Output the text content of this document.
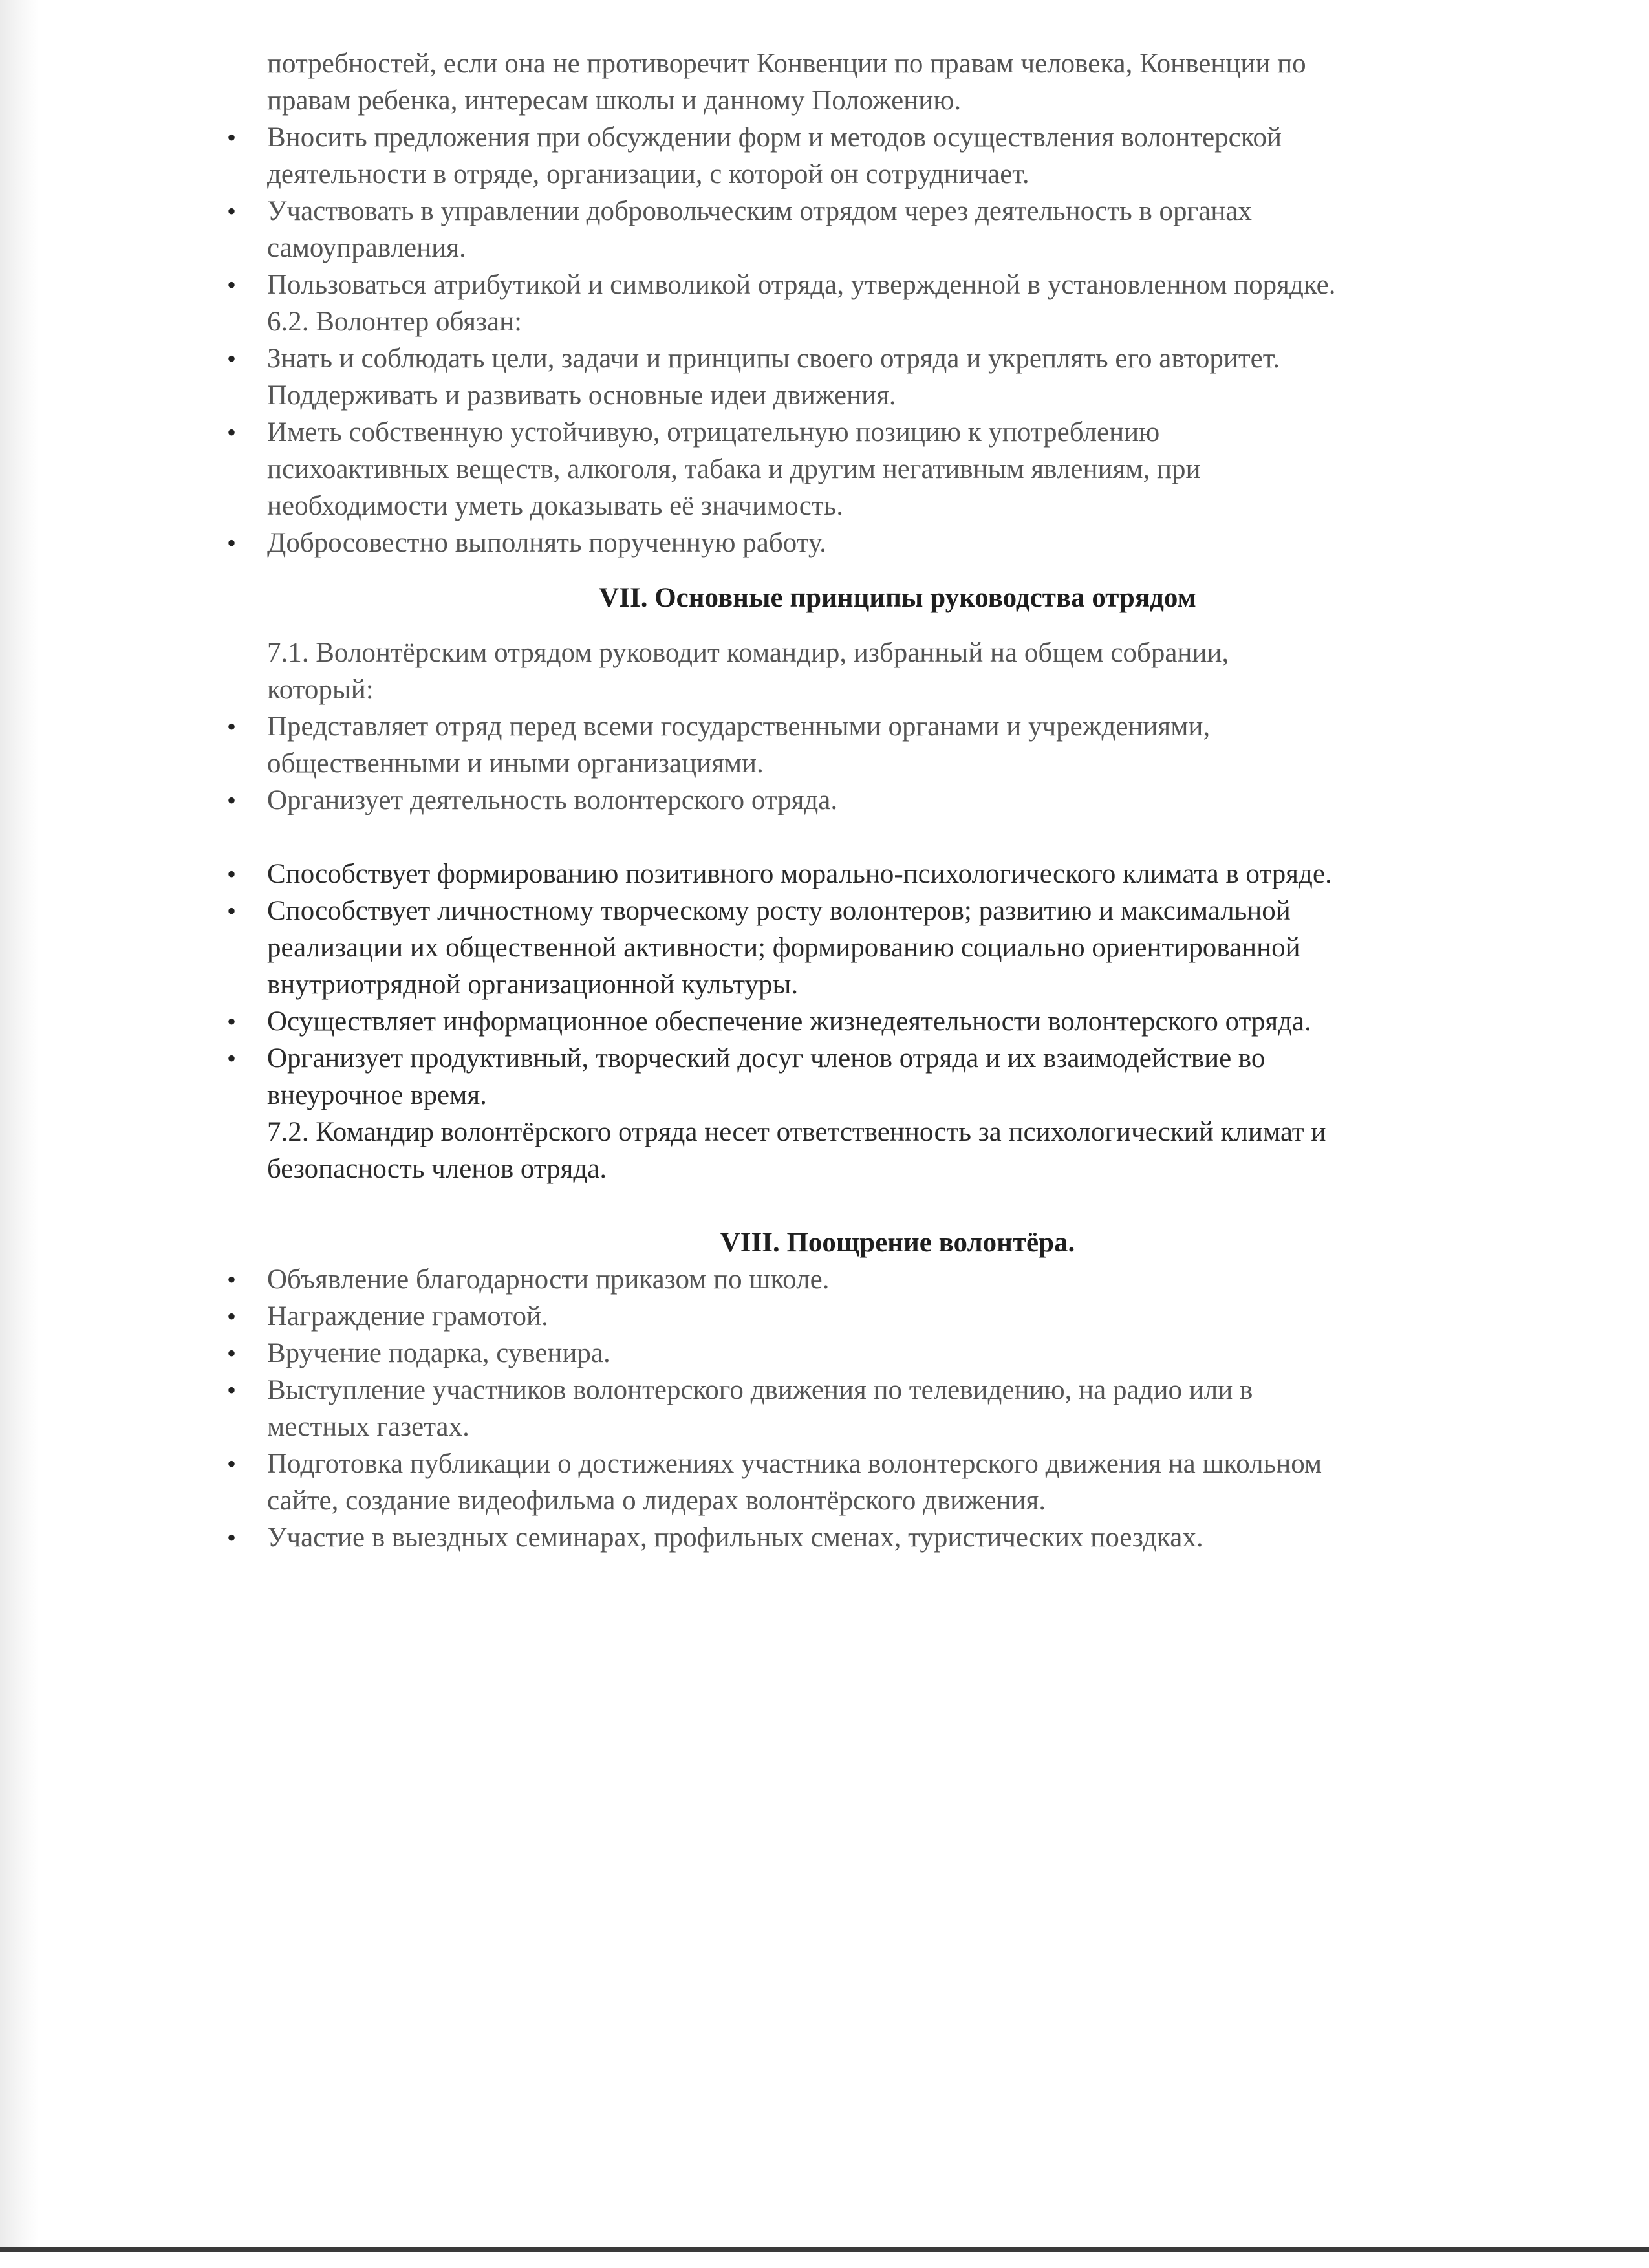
потребностей, если она не противоречит Конвенции по правам человека, Конвенции по

правам ребенка, интересам школы и данному Положению.

•	Вносить предложения при обсуждении форм и методов осуществления волонтерской
деятельности в отряде, организации, с которой он сотрудничает.
•	Участвовать в управлении добровольческим отрядом через деятельность в органах
самоуправления.
•	Пользоваться атрибутикой и символикой отряда, утвержденной в установленном порядке.

6.2. Волонтер обязан:

•	Знать и соблюдать цели, задачи и принципы своего отряда и укреплять его авторитет.
Поддерживать и развивать основные идеи движения.
•	Иметь собственную устойчивую, отрицательную позицию к употреблению
психоактивных веществ, алкоголя, табака и другим негативным явлениям, при
необходимости уметь доказывать её значимость.
•	Добросовестно выполнять порученную работу.

VII. Основные принципы руководства отрядом

7.1. Волонтёрским отрядом руководит командир, избранный на общем собрании,

который:

•	Представляет отряд перед всеми государственными органами и учреждениями,
общественными и иными организациями.
•	Организует деятельность волонтерского отряда.
•	Способствует формированию позитивного морально-психологического климата в отряде.
•	Способствует личностному творческому росту волонтеров; развитию и максимальной
реализации их общественной активности; формированию социально ориентированной
внутриотрядной организационной культуры.
•	Осуществляет информационное обеспечение жизнедеятельности волонтерского отряда.
•	Организует продуктивный, творческий досуг членов отряда и их взаимодействие во
внеурочное время.

7.2. Командир волонтёрского отряда несет ответственность за психологический климат и

безопасность членов отряда.

VIII. Поощрение волонтёра.

•	Объявление благодарности приказом по школе.
•	Награждение грамотой.
•	Вручение подарка, сувенира.
•	Выступление участников волонтерского движения по телевидению, на радио или в
местных газетах.
•	Подготовка публикации о достижениях участника волонтерского движения на школьном
сайте, создание видеофильма о лидерах волонтёрского движения.
•	Участие в выездных семинарах, профильных сменах, туристических поездках.
